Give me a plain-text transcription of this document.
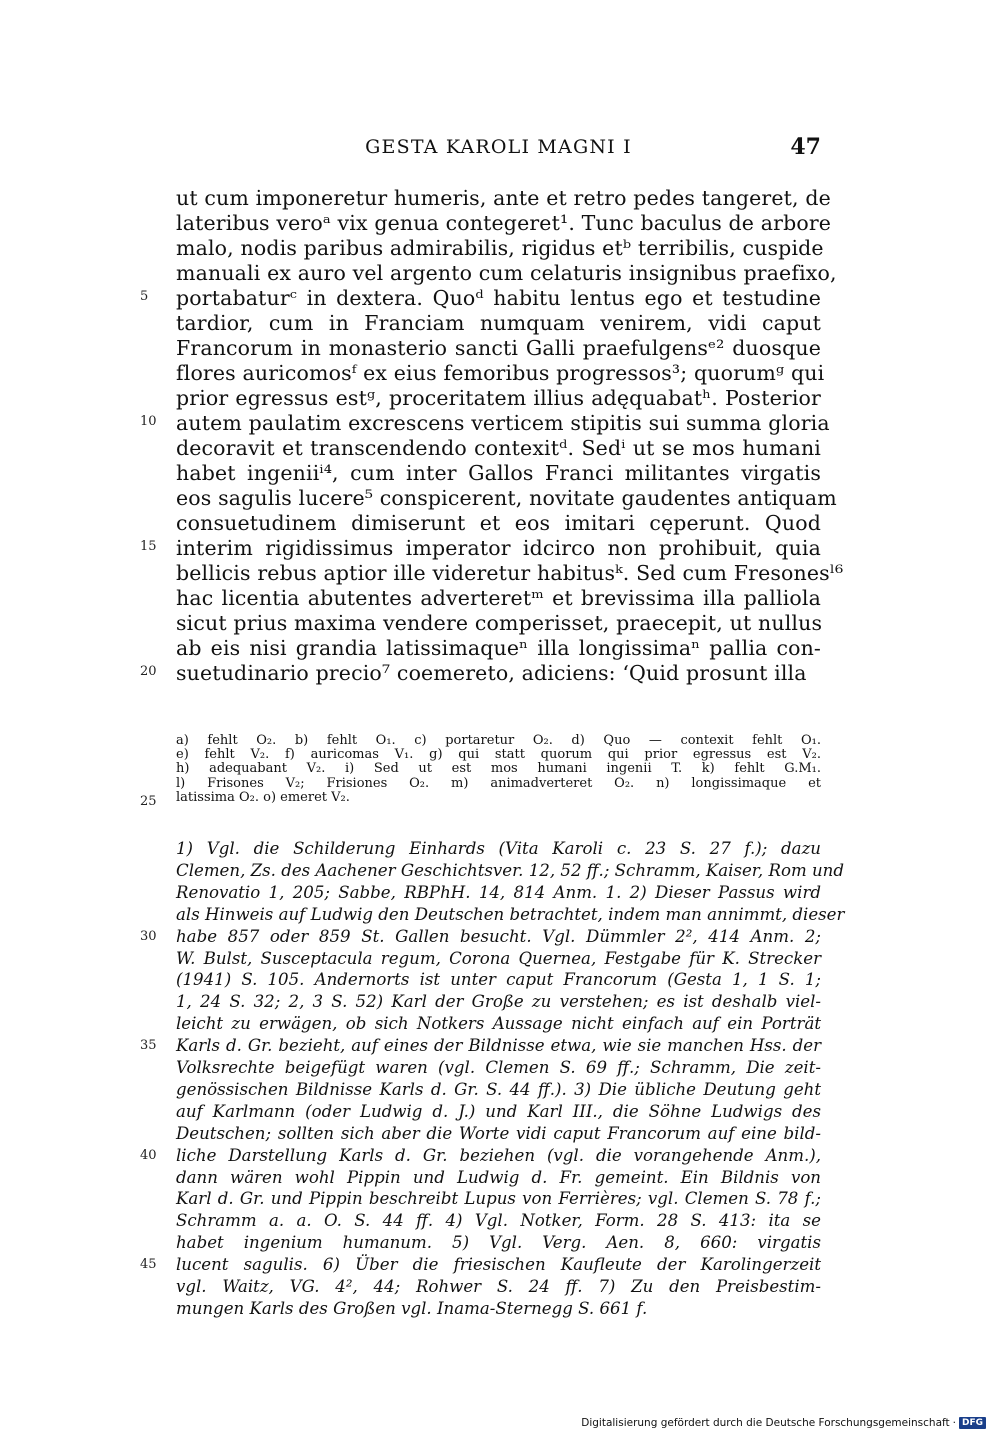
GESTA KAROLI MAGNI I	47
ut cum imponeretur humeris, ante et retro pedes tangeret, de
lateribus veroᵃ vix genua contegeret¹. Tunc baculus de arbore
malo, nodis paribus admirabilis, rigidus etᵇ terribilis, cuspide
manuali ex auro vel argento cum celaturis insignibus praefixo,
portabaturᶜ in dextera. Quoᵈ habitu lentus ego et testudine
tardior, cum in Franciam numquam venirem, vidi caput
Francorum in monasterio sancti Galli praefulgensᵉ² duosque
flores auricomosᶠ ex eius femoribus progressos³; quorumᵍ qui
prior egressus estᵍ, proceritatem illius adęquabatʰ. Posterior
autem paulatim excrescens verticem stipitis sui summa gloria
decoravit et transcendendo contexitᵈ. Sedⁱ ut se mos humani
habet ingeniiⁱ⁴, cum inter Gallos Franci militantes virgatis
eos sagulis lucere⁵ conspicerent, novitate gaudentes antiquam
consuetudinem dimiserunt et eos imitari cęperunt. Quod
interim rigidissimus imperator idcirco non prohibuit, quia
bellicis rebus aptior ille videretur habitusᵏ. Sed cum Fresonesˡ⁶
hac licentia abutentes adverteretᵐ et brevissima illa palliola
sicut prius maxima vendere comperisset, praecepit, ut nullus
ab eis nisi grandia latissimaqueⁿ illa longissimaⁿ pallia con-
suetudinario precio⁷ coemereto, adiciens: ‘Quid prosunt illa
5
10
15
20
a) fehlt O₂. b) fehlt O₁. c) portaretur O₂. d) Quo — contexit fehlt O₁.
e) fehlt V₂. f) auricomas V₁. g) qui statt quorum qui prior egressus est V₂.
h) adequabant V₂. i) Sed ut est mos humani ingenii T. k) fehlt G.M₁.
l) Frisones V₂; Frisiones O₂. m) animadverteret O₂. n) longissimaque et
latissima O₂. o) emeret V₂.
25
1) Vgl. die Schilderung Einhards (Vita Karoli c. 23 S. 27 f.); dazu
Clemen, Zs. des Aachener Geschichtsver. 12, 52 ff.; Schramm, Kaiser, Rom und
Renovatio 1, 205; Sabbe, RBPhH. 14, 814 Anm. 1. 2) Dieser Passus wird
als Hinweis auf Ludwig den Deutschen betrachtet, indem man annimmt, dieser
habe 857 oder 859 St. Gallen besucht. Vgl. Dümmler 2², 414 Anm. 2;
W. Bulst, Susceptacula regum, Corona Quernea, Festgabe für K. Strecker
(1941) S. 105. Andernorts ist unter caput Francorum (Gesta 1, 1 S. 1;
1, 24 S. 32; 2, 3 S. 52) Karl der Große zu verstehen; es ist deshalb viel-
leicht zu erwägen, ob sich Notkers Aussage nicht einfach auf ein Porträt
Karls d. Gr. bezieht, auf eines der Bildnisse etwa, wie sie manchen Hss. der
Volksrechte beigefügt waren (vgl. Clemen S. 69 ff.; Schramm, Die zeit-
genössischen Bildnisse Karls d. Gr. S. 44 ff.). 3) Die übliche Deutung geht
auf Karlmann (oder Ludwig d. J.) und Karl III., die Söhne Ludwigs des
Deutschen; sollten sich aber die Worte vidi caput Francorum auf eine bild-
liche Darstellung Karls d. Gr. beziehen (vgl. die vorangehende Anm.),
dann wären wohl Pippin und Ludwig d. Fr. gemeint. Ein Bildnis von
Karl d. Gr. und Pippin beschreibt Lupus von Ferrières; vgl. Clemen S. 78 f.;
Schramm a. a. O. S. 44 ff. 4) Vgl. Notker, Form. 28 S. 413: ita se
habet ingenium humanum. 5) Vgl. Verg. Aen. 8, 660: virgatis
lucent sagulis. 6) Über die friesischen Kaufleute der Karolingerzeit
vgl. Waitz, VG. 4², 44; Rohwer S. 24 ff. 7) Zu den Preisbestim-
mungen Karls des Großen vgl. Inama-Sternegg S. 661 f.
30
35
40
45
Digitalisierung gefördert durch die Deutsche Forschungsgemeinschaft · DFG
